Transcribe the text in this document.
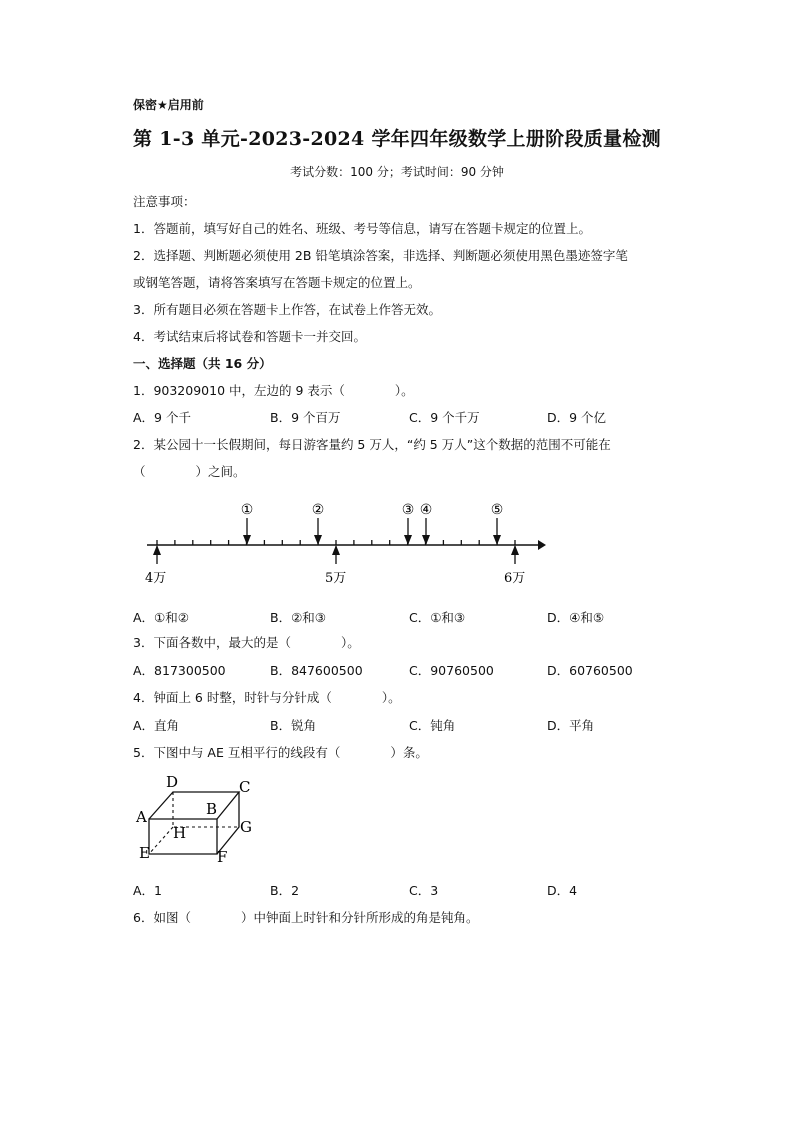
保密★启用前
第 1-3 单元-2023-2024 学年四年级数学上册阶段质量检测
考试分数：100 分；考试时间：90 分钟
注意事项：
1．答题前，填写好自己的姓名、班级、考号等信息，请写在答题卡规定的位置上。
2．选择题、判断题必须使用 2B 铅笔填涂答案，非选择、判断题必须使用黑色墨迹签字笔
或钢笔答题，请将答案填写在答题卡规定的位置上。
3．所有题目必须在答题卡上作答，在试卷上作答无效。
4．考试结束后将试卷和答题卡一并交回。
一、选择题（共 16 分）
1．903209010 中，左边的 9 表示（　　　　）。
A．9 个千	B．9 个百万	C．9 个千万	D．9 个亿
2．某公园十一长假期间，每日游客量约 5 万人，“约 5 万人”这个数据的范围不可能在
（　　　　）之间。
4万	5万	6万
①	②	③ ④	⑤
A．①和②	B．②和③	C．①和③	D．④和⑤
3．下面各数中，最大的是（　　　　）。
A．817300500	B．847600500	C．90760500	D．60760500
4．钟面上 6 时整，时针与分针成（　　　　）。
A．直角	B．锐角	C．钝角	D．平角
5．下图中与 AE 互相平行的线段有（　　　　）条。
D	C
A	B
H	G
E	F
A．1	B．2	C．3	D．4
6．如图（　　　　）中钟面上时针和分针所形成的角是钝角。
